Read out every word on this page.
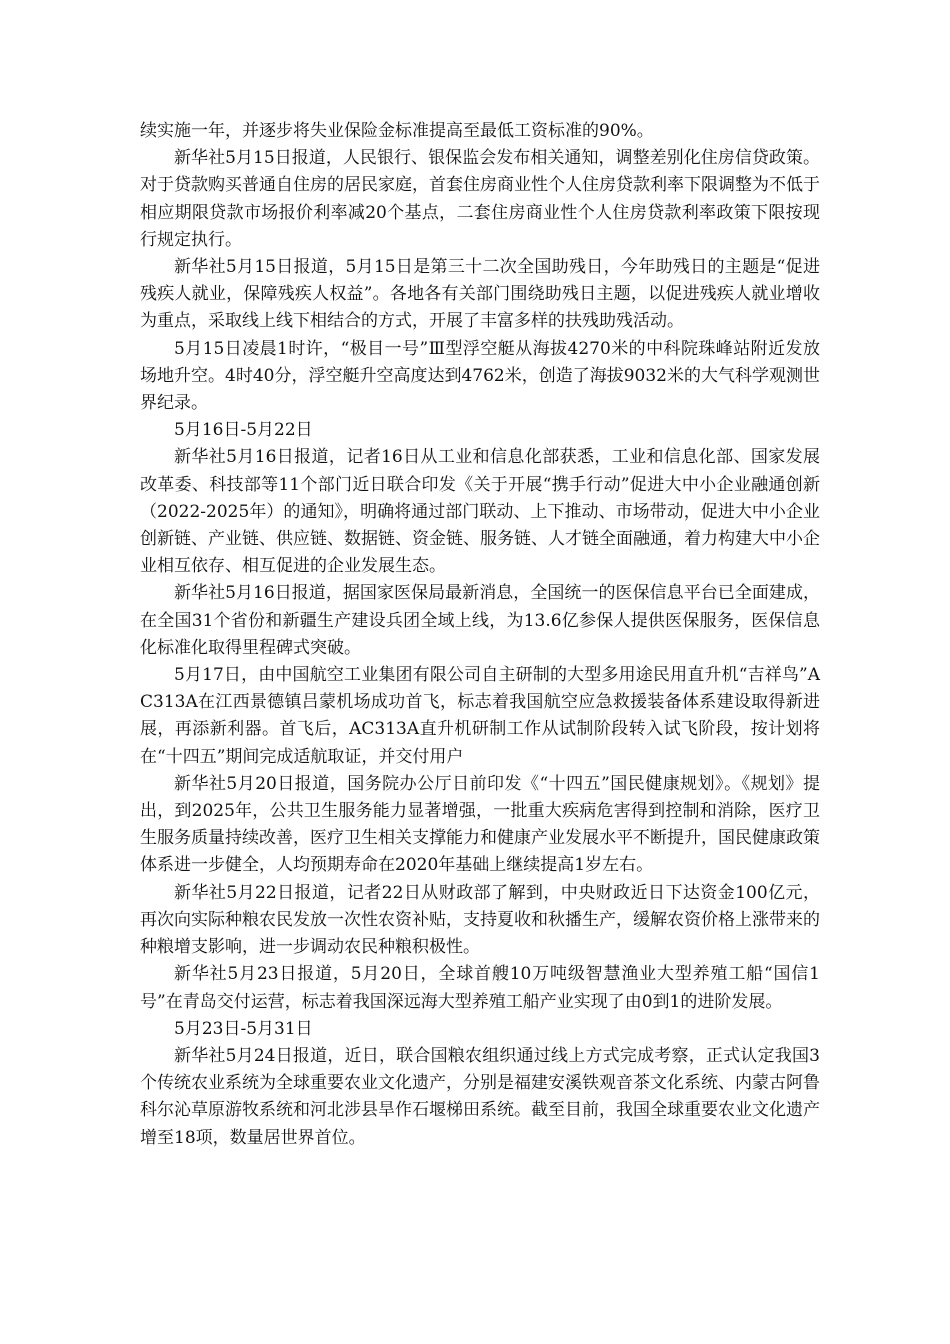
续实施一年，并逐步将失业保险金标准提高至最低工资标准的90%。

新华社5月15日报道，人民银行、银保监会发布相关通知，调整差别化住房信贷政策。对于贷款购买普通自住房的居民家庭，首套住房商业性个人住房贷款利率下限调整为不低于相应期限贷款市场报价利率减20个基点，二套住房商业性个人住房贷款利率政策下限按现行规定执行。

新华社5月15日报道，5月15日是第三十二次全国助残日，今年助残日的主题是“促进残疾人就业，保障残疾人权益”。各地各有关部门围绕助残日主题，以促进残疾人就业增收为重点，采取线上线下相结合的方式，开展了丰富多样的扶残助残活动。

5月15日凌晨1时许，“极目一号”Ⅲ型浮空艇从海拔4270米的中科院珠峰站附近发放场地升空。4时40分，浮空艇升空高度达到4762米，创造了海拔9032米的大气科学观测世界纪录。

5月16日-5月22日

新华社5月16日报道，记者16日从工业和信息化部获悉，工业和信息化部、国家发展改革委、科技部等11个部门近日联合印发《关于开展“携手行动”促进大中小企业融通创新（2022-2025年）的通知》，明确将通过部门联动、上下推动、市场带动，促进大中小企业创新链、产业链、供应链、数据链、资金链、服务链、人才链全面融通，着力构建大中小企业相互依存、相互促进的企业发展生态。

新华社5月16日报道，据国家医保局最新消息，全国统一的医保信息平台已全面建成，在全国31个省份和新疆生产建设兵团全域上线，为13.6亿参保人提供医保服务，医保信息化标准化取得里程碑式突破。

5月17日，由中国航空工业集团有限公司自主研制的大型多用途民用直升机“吉祥鸟”AC313A在江西景德镇吕蒙机场成功首飞，标志着我国航空应急救援装备体系建设取得新进展，再添新利器。首飞后，AC313A直升机研制工作从试制阶段转入试飞阶段，按计划将在“十四五”期间完成适航取证，并交付用户

新华社5月20日报道，国务院办公厅日前印发《“十四五”国民健康规划》。《规划》提出，到2025年，公共卫生服务能力显著增强，一批重大疾病危害得到控制和消除，医疗卫生服务质量持续改善，医疗卫生相关支撑能力和健康产业发展水平不断提升，国民健康政策体系进一步健全，人均预期寿命在2020年基础上继续提高1岁左右。

新华社5月22日报道，记者22日从财政部了解到，中央财政近日下达资金100亿元，再次向实际种粮农民发放一次性农资补贴，支持夏收和秋播生产，缓解农资价格上涨带来的种粮增支影响，进一步调动农民种粮积极性。

新华社5月23日报道，5月20日，全球首艘10万吨级智慧渔业大型养殖工船“国信1号”在青岛交付运营，标志着我国深远海大型养殖工船产业实现了由0到1的进阶发展。

5月23日-5月31日

新华社5月24日报道，近日，联合国粮农组织通过线上方式完成考察，正式认定我国3个传统农业系统为全球重要农业文化遗产，分别是福建安溪铁观音茶文化系统、内蒙古阿鲁科尔沁草原游牧系统和河北涉县旱作石堰梯田系统。截至目前，我国全球重要农业文化遗产增至18项，数量居世界首位。
